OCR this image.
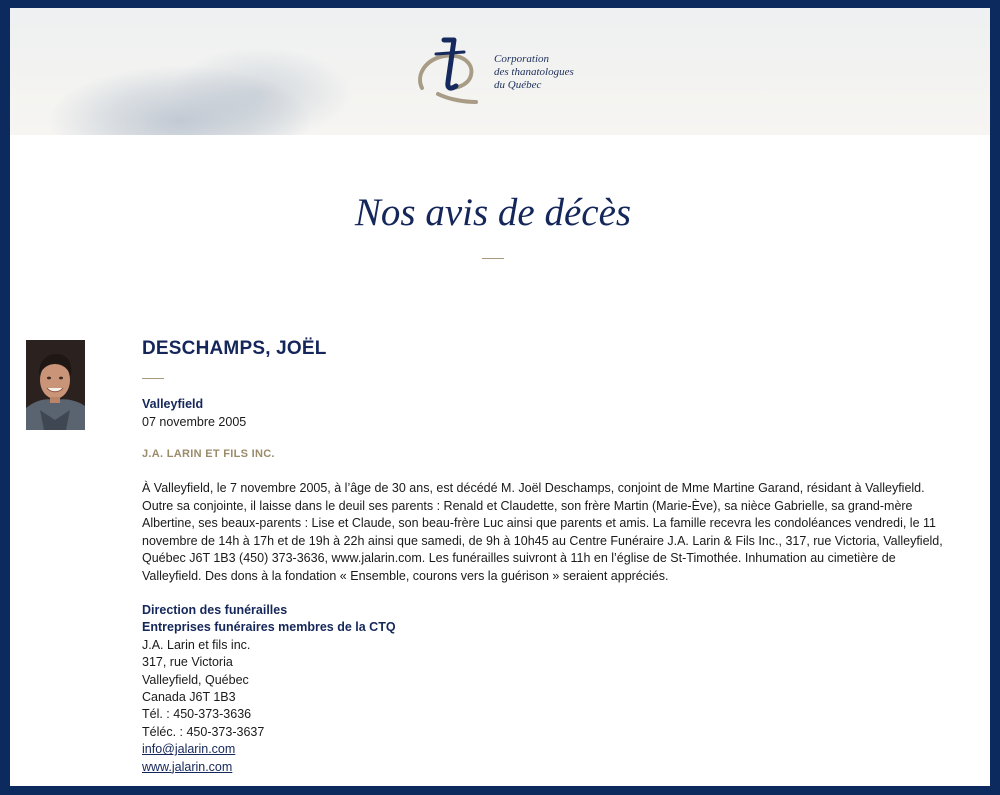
Corporation
des thanatologues
du Québec
Nos avis de décès
DESCHAMPS, JOËL
Valleyfield
07 novembre 2005
J.A. LARIN ET FILS INC.

À Valleyfield, le 7 novembre 2005, à l’âge de 30 ans, est décédé M. Joël Deschamps, conjoint de Mme Martine Garand, résidant à Valleyfield. Outre sa conjointe, il laisse dans le deuil ses parents : Renald et Claudette, son frère Martin (Marie-Ève), sa nièce Gabrielle, sa grand-mère Albertine, ses beaux-parents : Lise et Claude, son beau-frère Luc ainsi que parents et amis. La famille recevra les condoléances vendredi, le 11 novembre de 14h à 17h et de 19h à 22h ainsi que samedi, de 9h à 10h45 au Centre Funéraire J.A. Larin & Fils Inc., 317, rue Victoria, Valleyfield, Québec J6T 1B3 (450) 373-3636, www.jalarin.com. Les funérailles suivront à 11h en l’église de St-Timothée. Inhumation au cimetière de Valleyfield. Des dons à la fondation « Ensemble, courons vers la guérison » seraient appréciés.

Direction des funérailles
Entreprises funéraires membres de la CTQ
J.A. Larin et fils inc.
317, rue Victoria
Valleyfield, Québec
Canada J6T 1B3
Tél. : 450-373-3636
Téléc. : 450-373-3637
info@jalarin.com
www.jalarin.com
